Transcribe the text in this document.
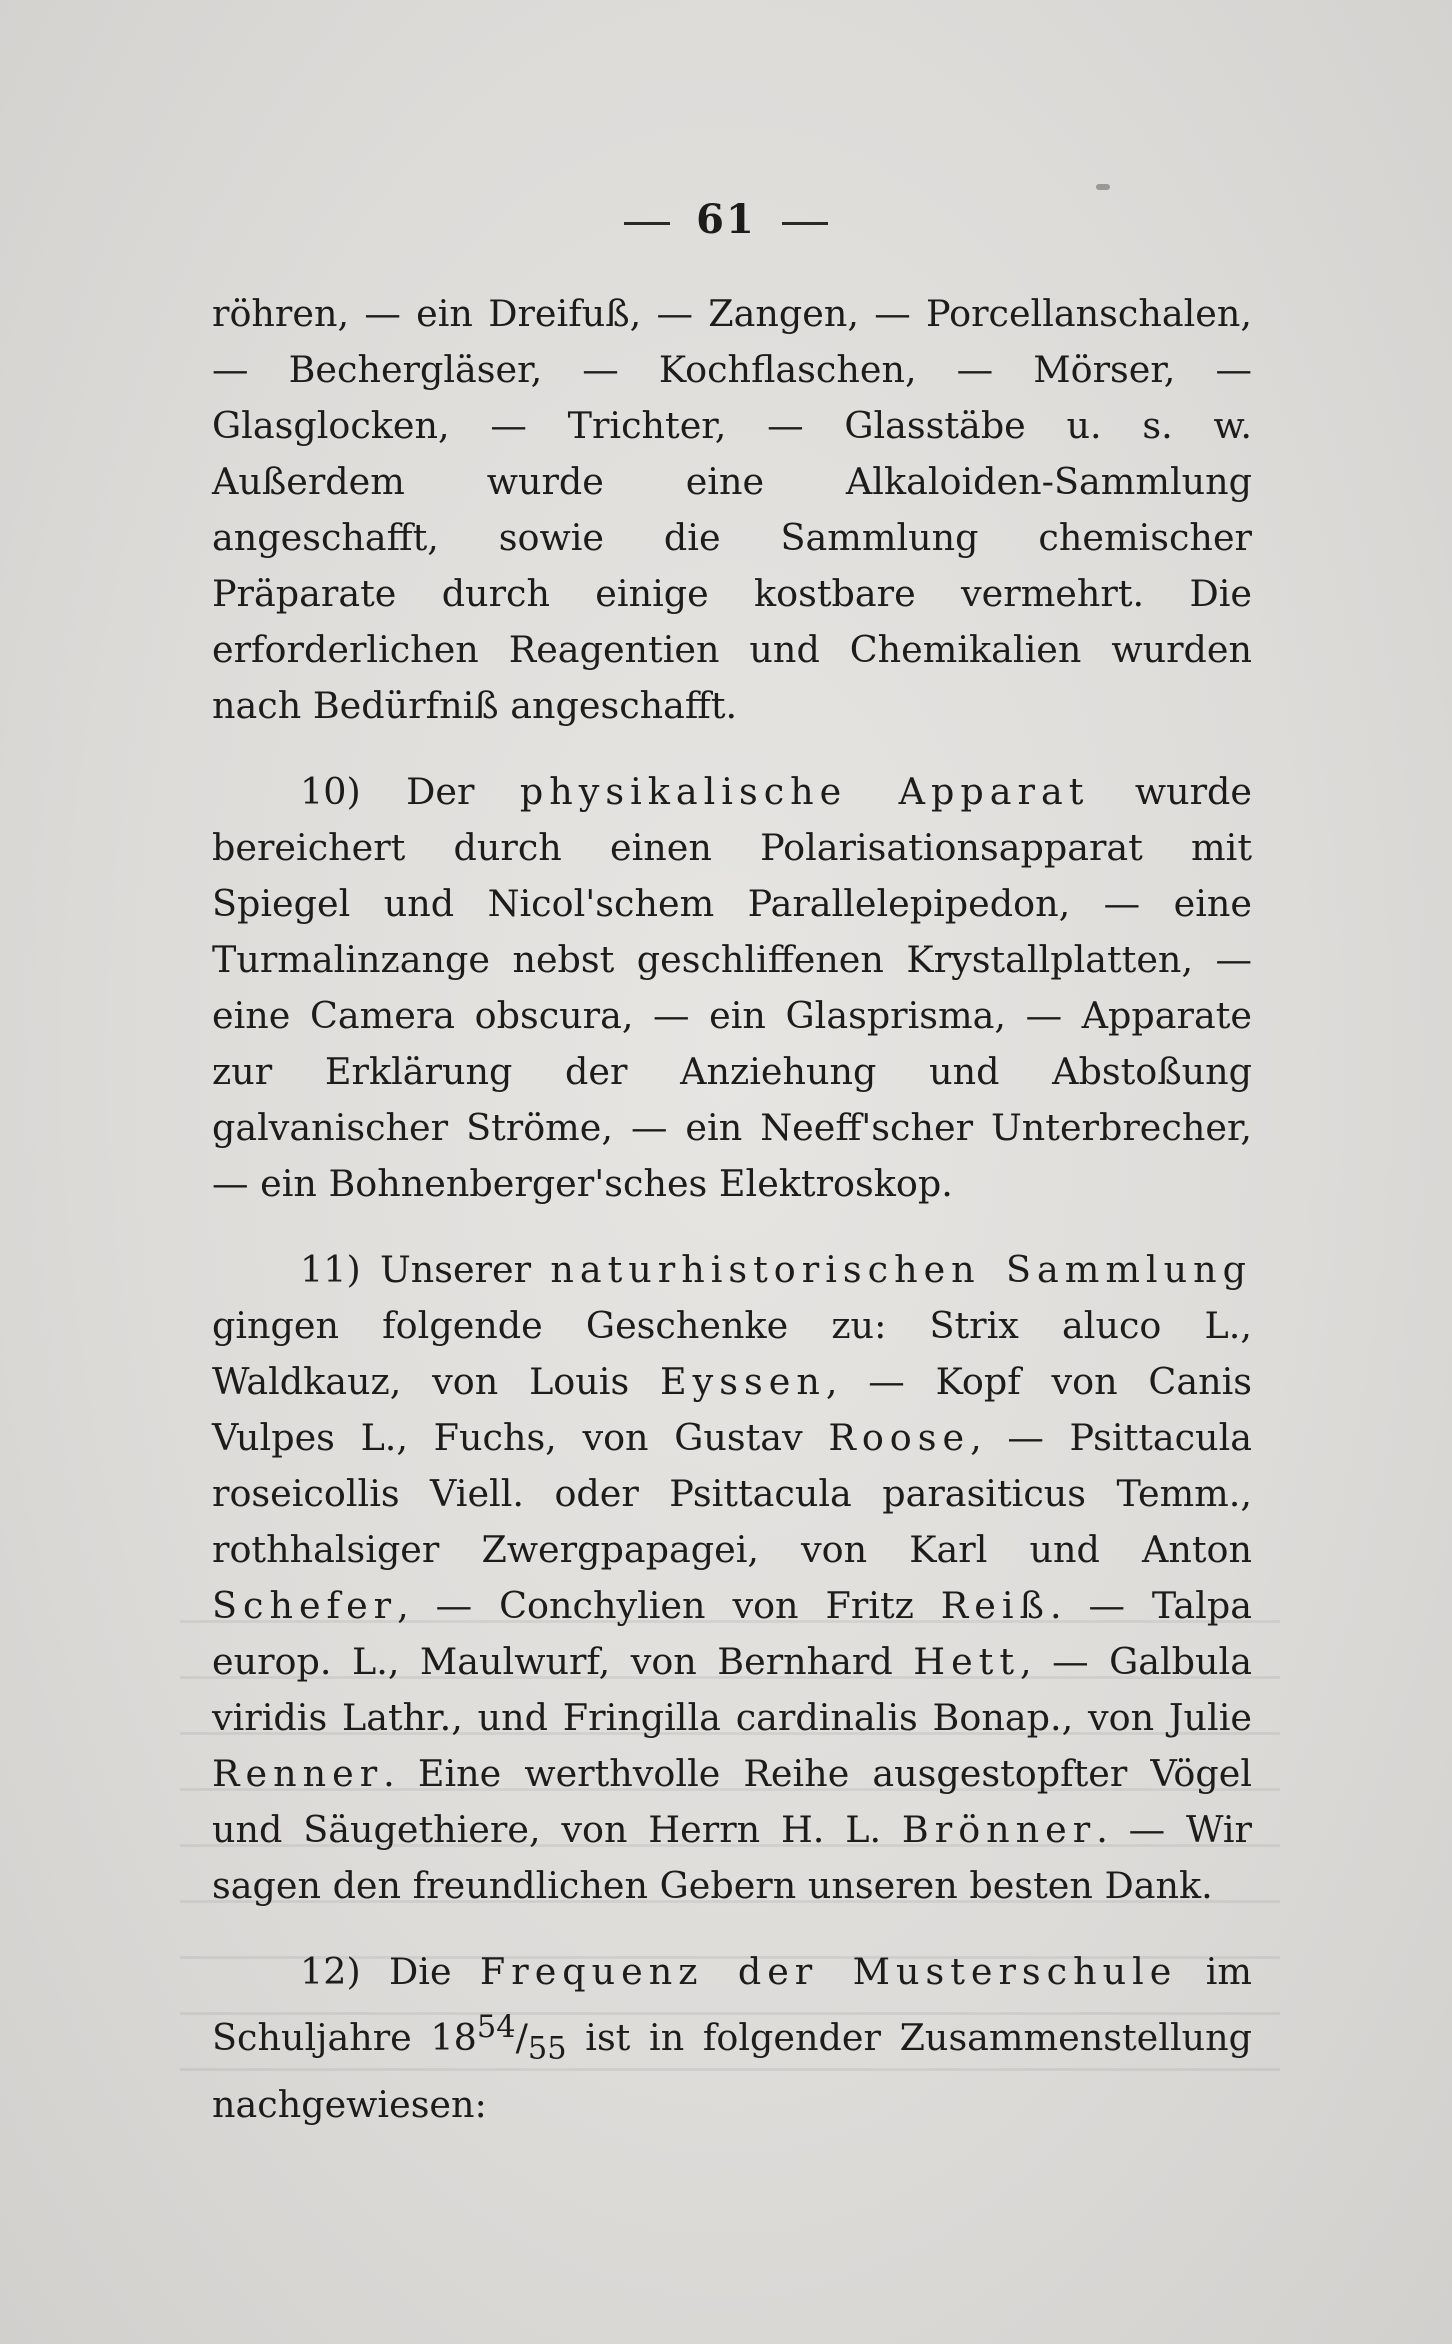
61

röhren, — ein Dreifuß, — Zangen, — Porcellanschalen, — Bechergläser, — Kochflaschen, — Mörser, — Glasglocken, — Trichter, — Glasstäbe u. s. w. Außerdem wurde eine Alkaloiden-Sammlung angeschafft, sowie die Sammlung chemischer Präparate durch einige kostbare vermehrt. Die erforderlichen Reagentien und Chemikalien wurden nach Bedürfniß angeschafft.

10) Der physikalische Apparat wurde bereichert durch einen Polarisationsapparat mit Spiegel und Nicol'schem Parallelepipedon, — eine Turmalinzange nebst geschliffenen Krystallplatten, — eine Camera obscura, — ein Glasprisma, — Apparate zur Erklärung der Anziehung und Abstoßung galvanischer Ströme, — ein Neeff'scher Unterbrecher, — ein Bohnenberger'sches Elektroskop.

11) Unserer naturhistorischen Sammlung gingen folgende Geschenke zu: Strix aluco L., Waldkauz, von Louis Eyssen, — Kopf von Canis Vulpes L., Fuchs, von Gustav Roose, — Psittacula roseicollis Viell. oder Psittacula parasiticus Temm., rothhalsiger Zwergpapagei, von Karl und Anton Schefer, — Conchylien von Fritz Reiß. — Talpa europ. L., Maulwurf, von Bernhard Hett, — Galbula viridis Lathr., und Fringilla cardinalis Bonap., von Julie Renner. Eine werthvolle Reihe ausgestopfter Vögel und Säugethiere, von Herrn H. L. Brönner. — Wir sagen den freundlichen Gebern unseren besten Dank.

12) Die Frequenz der Musterschule im Schuljahre $18^{54}/_{55}$ ist in folgender Zusammenstellung nachgewiesen:
